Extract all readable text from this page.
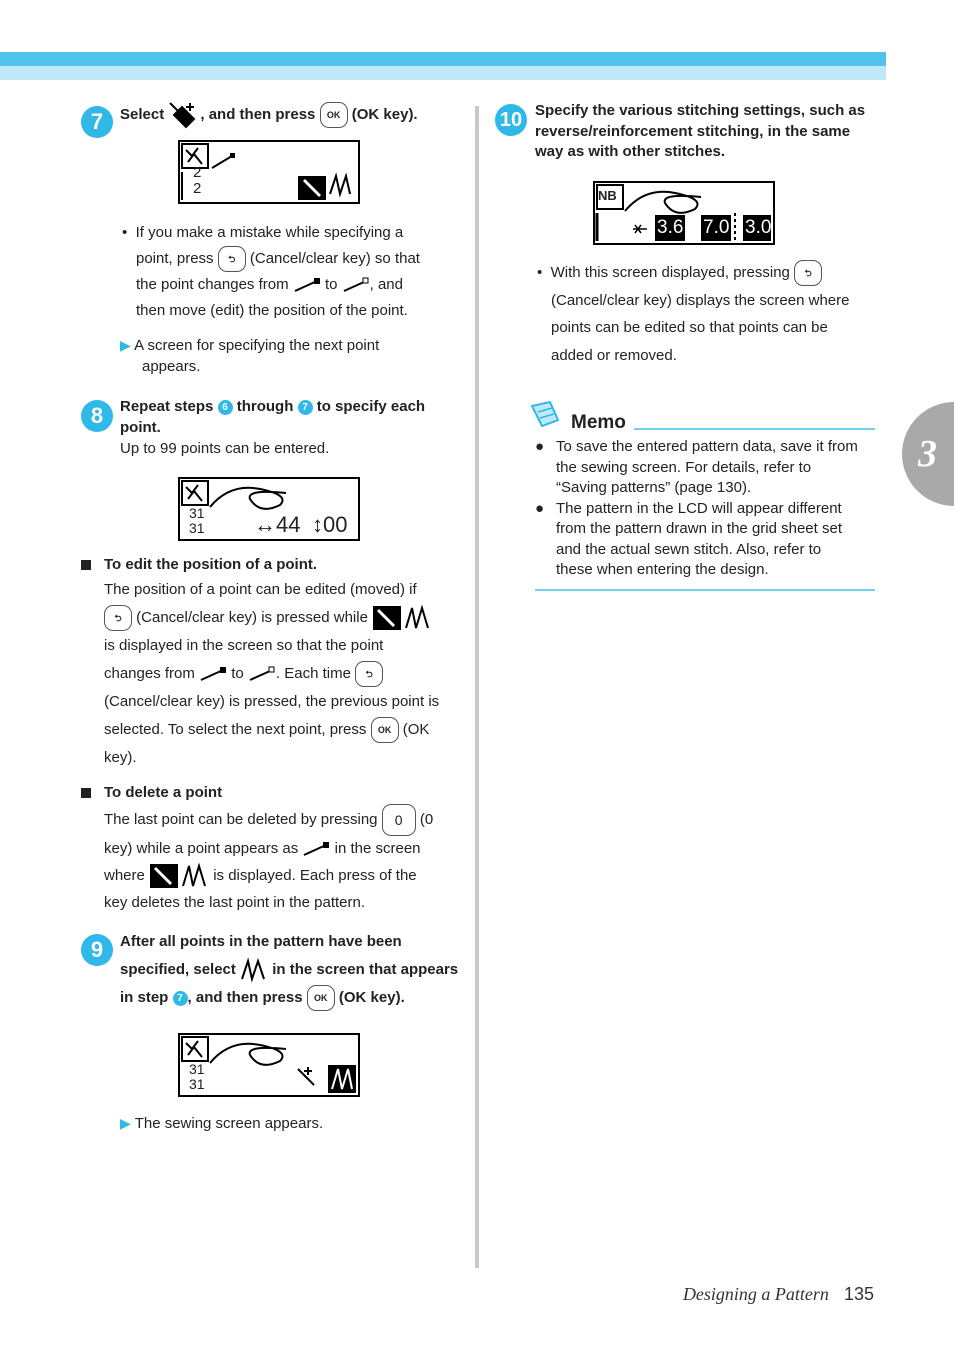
3
7	Select , and then press OK (OK key).
2
2
• If you make a mistake while specifying a
point, press ⮌ (Cancel/clear key) so that
the point changes from to , and
then move (edit) the position of the point.
▶ A screen for specifying the next point
appears.
8	Repeat steps 6 through 7 to specify each
point.
Up to 99 points can be entered.
31
31 ↔44 ↕00
To edit the position of a point.
The position of a point can be edited (moved) if
⮌ (Cancel/clear key) is pressed while
is displayed in the screen so that the point
changes from to . Each time ⮌
(Cancel/clear key) is pressed, the previous point is
selected. To select the next point, press OK (OK
key).
To delete a point
The last point can be deleted by pressing 0 (0
key) while a point appears as in the screen
where	is displayed. Each press of the
key deletes the last point in the pattern.
9	After all points in the pattern have been
specified, select in the screen that appears
in step 7 , and then press OK (OK key).
31
31
▶ The sewing screen appears.
10 Specify the various stitching settings, such as
reverse/reinforcement stitching, in the same
way as with other stitches.
NB
3.6 7.0 3.0
• With this screen displayed, pressing ⮌
(Cancel/clear key) displays the screen where
points can be edited so that points can be
added or removed.
Memo
● To save the entered pattern data, save it from
the sewing screen. For details, refer to
“Saving patterns” (page 130).
● The pattern in the LCD will appear different
from the pattern drawn in the grid sheet set
and the actual sewn stitch. Also, refer to
these when entering the design.
Designing a Pattern 135
